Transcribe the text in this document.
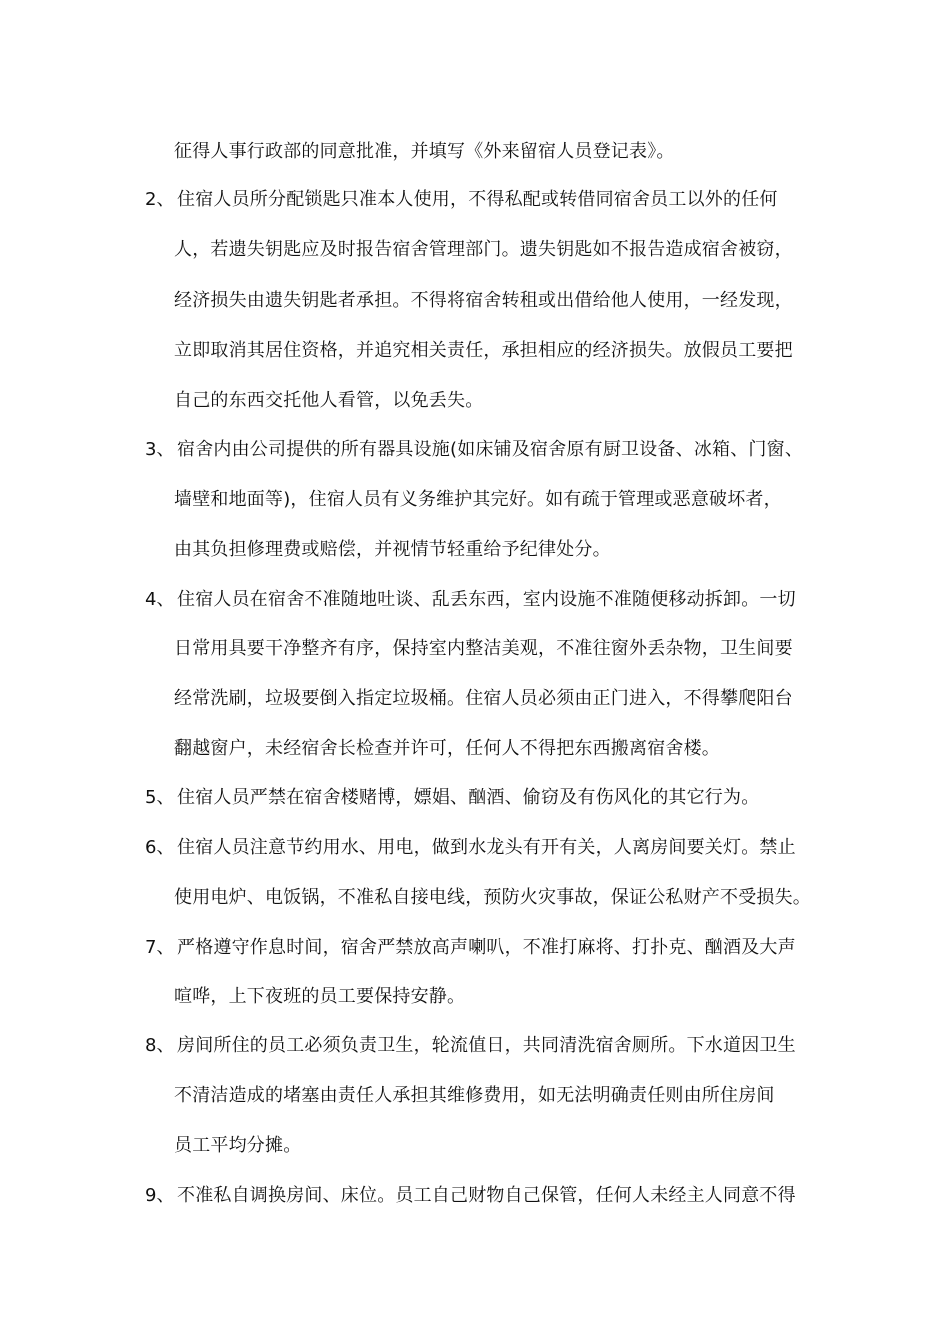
征得人事行政部的同意批准，并填写《外来留宿人员登记表》。
2、 住宿人员所分配锁匙只准本人使用，不得私配或转借同宿舍员工以外的任何
人，若遗失钥匙应及时报告宿舍管理部门。遗失钥匙如不报告造成宿舍被窃，
经济损失由遗失钥匙者承担。不得将宿舍转租或出借给他人使用，一经发现，
立即取消其居住资格，并追究相关责任，承担相应的经济损失。放假员工要把
自己的东西交托他人看管，以免丢失。
3、 宿舍内由公司提供的所有器具设施(如床铺及宿舍原有厨卫设备、冰箱、门窗、
墙壁和地面等)，住宿人员有义务维护其完好。如有疏于管理或恶意破坏者，
由其负担修理费或赔偿，并视情节轻重给予纪律处分。
4、 住宿人员在宿舍不准随地吐谈、乱丢东西，室内设施不准随便移动拆卸。一切
日常用具要干净整齐有序，保持室内整洁美观，不准往窗外丢杂物，卫生间要
经常洗刷，垃圾要倒入指定垃圾桶。住宿人员必须由正门进入，不得攀爬阳台
翻越窗户，未经宿舍长检查并许可，任何人不得把东西搬离宿舍楼。
5、 住宿人员严禁在宿舍楼赌博，嫖娼、酗酒、偷窃及有伤风化的其它行为。
6、 住宿人员注意节约用水、用电，做到水龙头有开有关，人离房间要关灯。禁止
使用电炉、电饭锅，不准私自接电线，预防火灾事故，保证公私财产不受损失。
7、 严格遵守作息时间，宿舍严禁放高声喇叭，不准打麻将、打扑克、酗酒及大声
喧哗，上下夜班的员工要保持安静。
8、 房间所住的员工必须负责卫生，轮流值日，共同清洗宿舍厕所。下水道因卫生
不清洁造成的堵塞由责任人承担其维修费用，如无法明确责任则由所住房间
员工平均分摊。
9、 不准私自调换房间、床位。员工自己财物自己保管，任何人未经主人同意不得
